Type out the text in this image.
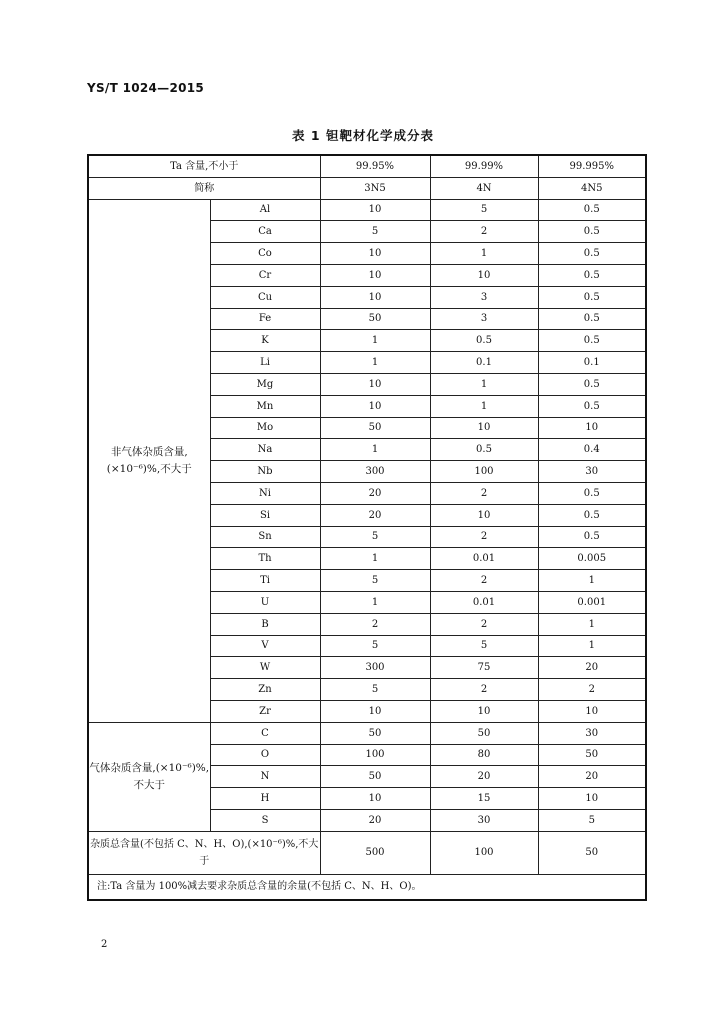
YS/T 1024—2015
表 1 钽靶材化学成分表
Ta 含量,不小于		99.95%	99.99%	99.995%
简称		3N5	4N	4N5
非气体杂质含量,(×10⁻⁶)%,不大于	Al	10	5	0.5
	Ca	5	2	0.5
	Co	10	1	0.5
	Cr	10	10	0.5
	Cu	10	3	0.5
	Fe	50	3	0.5
	K	1	0.5	0.5
	Li	1	0.1	0.1
	Mg	10	1	0.5
	Mn	10	1	0.5
	Mo	50	10	10
	Na	1	0.5	0.4
	Nb	300	100	30
	Ni	20	2	0.5
	Si	20	10	0.5
	Sn	5	2	0.5
	Th	1	0.01	0.005
	Ti	5	2	1
	U	1	0.01	0.001
	B	2	2	1
	V	5	5	1
	W	300	75	20
	Zn	5	2	2
	Zr	10	10	10
气体杂质含量,(×10⁻⁶)%,不大于	C	50	50	30
	O	100	80	50
	N	50	20	20
	H	10	15	10
	S	20	30	5
杂质总含量(不包括 C、N、H、O),(×10⁻⁶)%,不大于		500	100	50
注:Ta 含量为 100%减去要求杂质总含量的余量(不包括 C、N、H、O)。				
2
